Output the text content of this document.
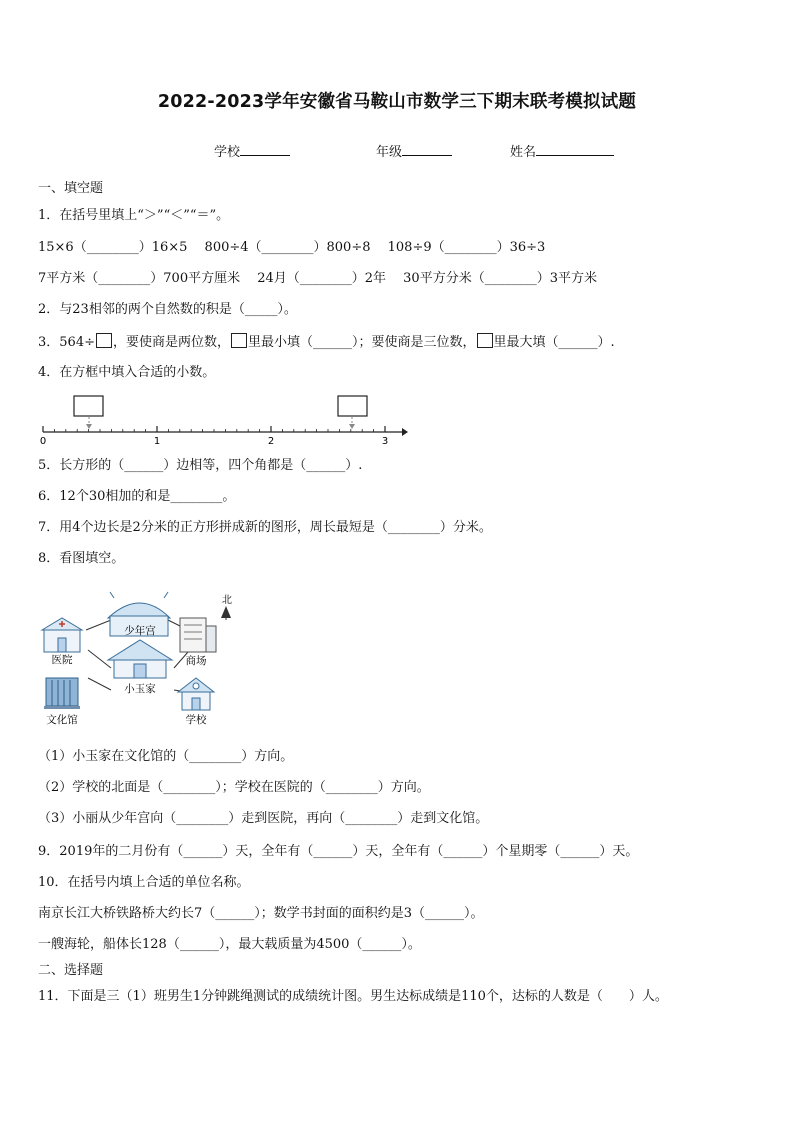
2022-2023学年安徽省马鞍山市数学三下期末联考模拟试题
学校	年级	姓名
一、填空题
1．在括号里填上“＞”“＜”“＝”。
15×6（________）16×5　 800÷4（________）800÷8　 108÷9（________）36÷3
7平方米（________）700平方厘米　 24月（________）2年　 30平方分米（________）3平方米
2．与23相邻的两个自然数的积是（_____）。
3．564÷ ，要使商是两位数， 里最小填（______）；要使商是三位数， 里最大填（______）.
4．在方框中填入合适的小数。
0	1	2	3
5．长方形的（______）边相等，四个角都是（______）.
6．12个30相加的和是________。
7．用4个边长是2分米的正方形拼成新的图形，周长最短是（________）分米。
8．看图填空。
北
少年宫
医院	商场
小玉家
文化馆	学校
（1）小玉家在文化馆的（________）方向。
（2）学校的北面是（________）；学校在医院的（________）方向。
（3）小丽从少年宫向（________）走到医院，再向（________）走到文化馆。
9．2019年的二月份有（______）天，全年有（______）天，全年有（______）个星期零（______）天。
10．在括号内填上合适的单位名称。
南京长江大桥铁路桥大约长7（______）；数学书封面的面积约是3（______）。
一艘海轮，船体长128（______），最大载质量为4500（______）。
二、选择题
11．下面是三（1）班男生1分钟跳绳测试的成绩统计图。男生达标成绩是110个，达标的人数是（　　）人。
